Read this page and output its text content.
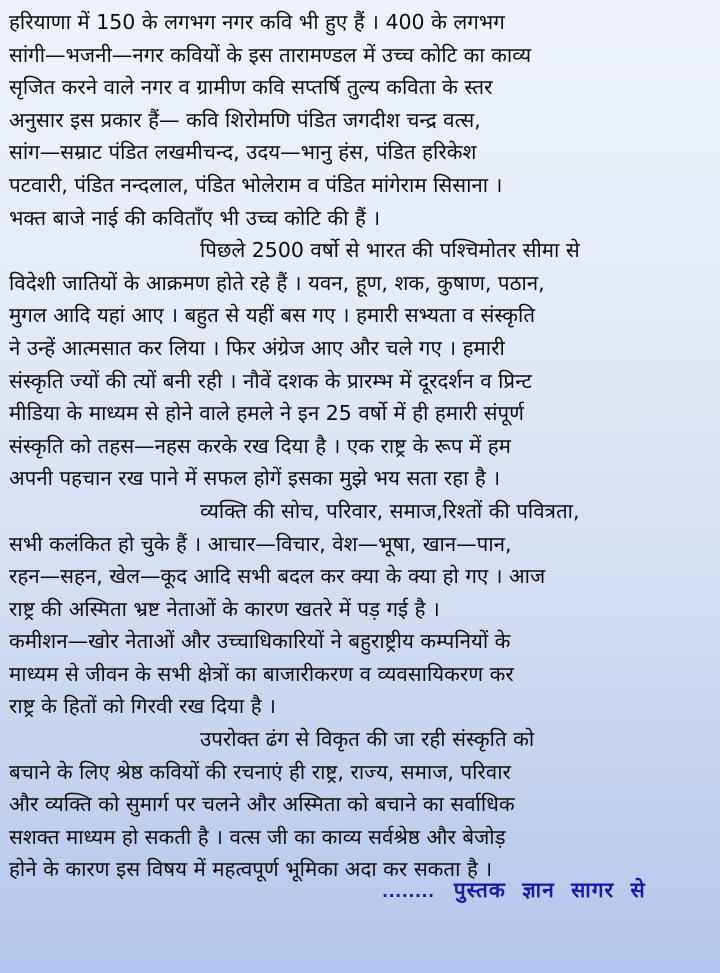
हरियाणा में 150 के लगभग नगर कवि भी हुए हैं । 400 के लगभग
सांगी—भजनी—नगर कवियों के इस तारामण्डल में उच्च कोटि का काव्य
सृजित करने वाले नगर व ग्रामीण कवि सप्तर्षि तुल्य कविता के स्तर
अनुसार इस प्रकार हैं— कवि शिरोमणि पंडित जगदीश चन्द्र वत्स,
सांग—सम्राट पंडित लखमीचन्द, उदय—भानु हंस, पंडित हरिकेश
पटवारी, पंडित नन्दलाल, पंडित भोलेराम व पंडित मांगेराम सिसाना ।
भक्त बाजे नाई की कविताँए भी उच्च कोटि की हैं ।
पिछले 2500 वर्षो से भारत की पश्चिमोतर सीमा से
विदेशी जातियों के आक्रमण होते रहे हैं । यवन, हूण, शक, कुषाण, पठान,
मुगल आदि यहां आए । बहुत से यहीं बस गए । हमारी सभ्यता व संस्कृति
ने उन्हें आत्मसात कर लिया । फिर अंग्रेज आए और चले गए । हमारी
संस्कृति ज्यों की त्यों बनी रही । नौवें दशक के प्रारम्भ में दूरदर्शन व प्रिन्ट
मीडिया के माध्यम से होने वाले हमले ने इन 25 वर्षो में ही हमारी संपूर्ण
संस्कृति को तहस—नहस करके रख दिया है । एक राष्ट्र के रूप में हम
अपनी पहचान रख पाने में सफल होगें इसका मुझे भय सता रहा है ।
व्यक्ति की सोच, परिवार, समाज,रिश्तों की पवित्रता,
सभी कलंकित हो चुके हैं । आचार—विचार, वेश—भूषा, खान—पान,
रहन—सहन, खेल—कूद आदि सभी बदल कर क्या के क्या हो गए । आज
राष्ट्र की अस्मिता भ्रष्ट नेताओं के कारण खतरे में पड़ गई है ।
कमीशन—खोर नेताओं और उच्चाधिकारियों ने बहुराष्ट्रीय कम्पनियों के
माध्यम से जीवन के सभी क्षेत्रों का बाजारीकरण व व्यवसायिकरण कर
राष्ट्र के हितों को गिरवी रख दिया है ।
उपरोक्त ढंग से विकृत की जा रही संस्कृति को
बचाने के लिए श्रेष्ठ कवियों की रचनाएं ही राष्ट्र, राज्य, समाज, परिवार
और व्यक्ति को सुमार्ग पर चलने और अस्मिता को बचाने का सर्वाधिक
सशक्त माध्यम हो सकती है । वत्स जी का काव्य सर्वश्रेष्ठ और बेजोड़
होने के कारण इस विषय में महत्वपूर्ण भूमिका अदा कर सकता है ।
........ पुस्तक ज्ञान सागर से
